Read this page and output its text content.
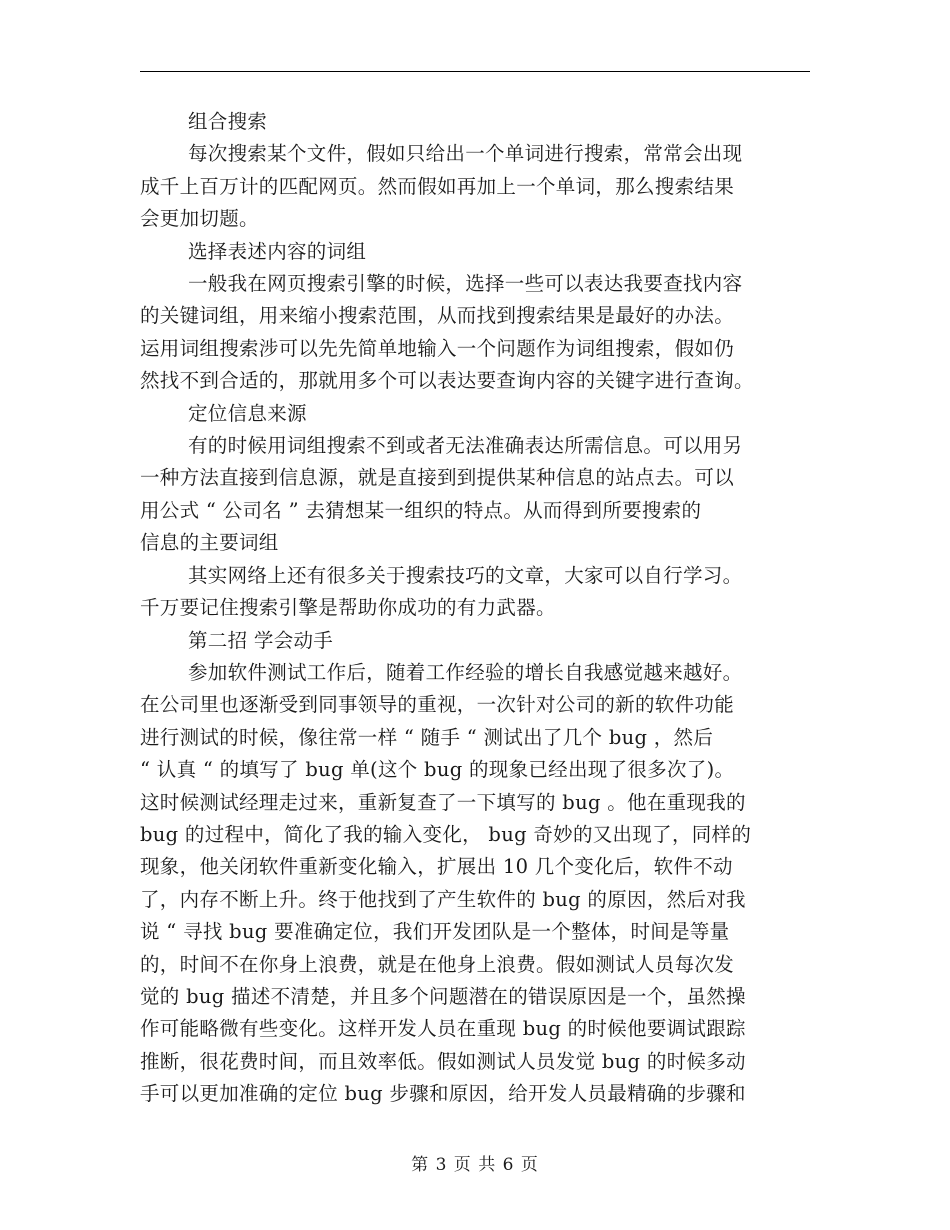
组合搜索

每次搜索某个文件，假如只给出一个单词进行搜索，常常会出现

成千上百万计的匹配网页。然而假如再加上一个单词，那么搜索结果

会更加切题。

选择表述内容的词组

一般我在网页搜索引擎的时候，选择一些可以表达我要查找内容

的关键词组，用来缩小搜索范围，从而找到搜索结果是最好的办法。

运用词组搜索涉可以先先简单地输入一个问题作为词组搜索，假如仍

然找不到合适的，那就用多个可以表达要查询内容的关键字进行查询。

定位信息来源

有的时候用词组搜索不到或者无法准确表达所需信息。可以用另

一种方法直接到信息源，就是直接到到提供某种信息的站点去。可以

用公式 “ 公司名 ” 去猜想某一组织的特点。从而得到所要搜索的

信息的主要词组

其实网络上还有很多关于搜索技巧的文章，大家可以自行学习。

千万要记住搜索引擎是帮助你成功的有力武器。

第二招 学会动手

参加软件测试工作后，随着工作经验的增长自我感觉越来越好。

在公司里也逐渐受到同事领导的重视，一次针对公司的新的软件功能

进行测试的时候，像往常一样 “ 随手 “ 测试出了几个 bug ，然后

“ 认真 “ 的填写了 bug 单(这个 bug 的现象已经出现了很多次了)。

这时候测试经理走过来，重新复查了一下填写的 bug 。他在重现我的

bug 的过程中，简化了我的输入变化， bug 奇妙的又出现了，同样的

现象，他关闭软件重新变化输入，扩展出 10 几个变化后，软件不动

了，内存不断上升。终于他找到了产生软件的 bug 的原因，然后对我

说 “ 寻找 bug 要准确定位，我们开发团队是一个整体，时间是等量

的，时间不在你身上浪费，就是在他身上浪费。假如测试人员每次发

觉的 bug 描述不清楚，并且多个问题潜在的错误原因是一个，虽然操

作可能略微有些变化。这样开发人员在重现 bug 的时候他要调试跟踪

推断，很花费时间，而且效率低。假如测试人员发觉 bug 的时候多动

手可以更加准确的定位 bug 步骤和原因，给开发人员最精确的步骤和

第 3 页 共 6 页
